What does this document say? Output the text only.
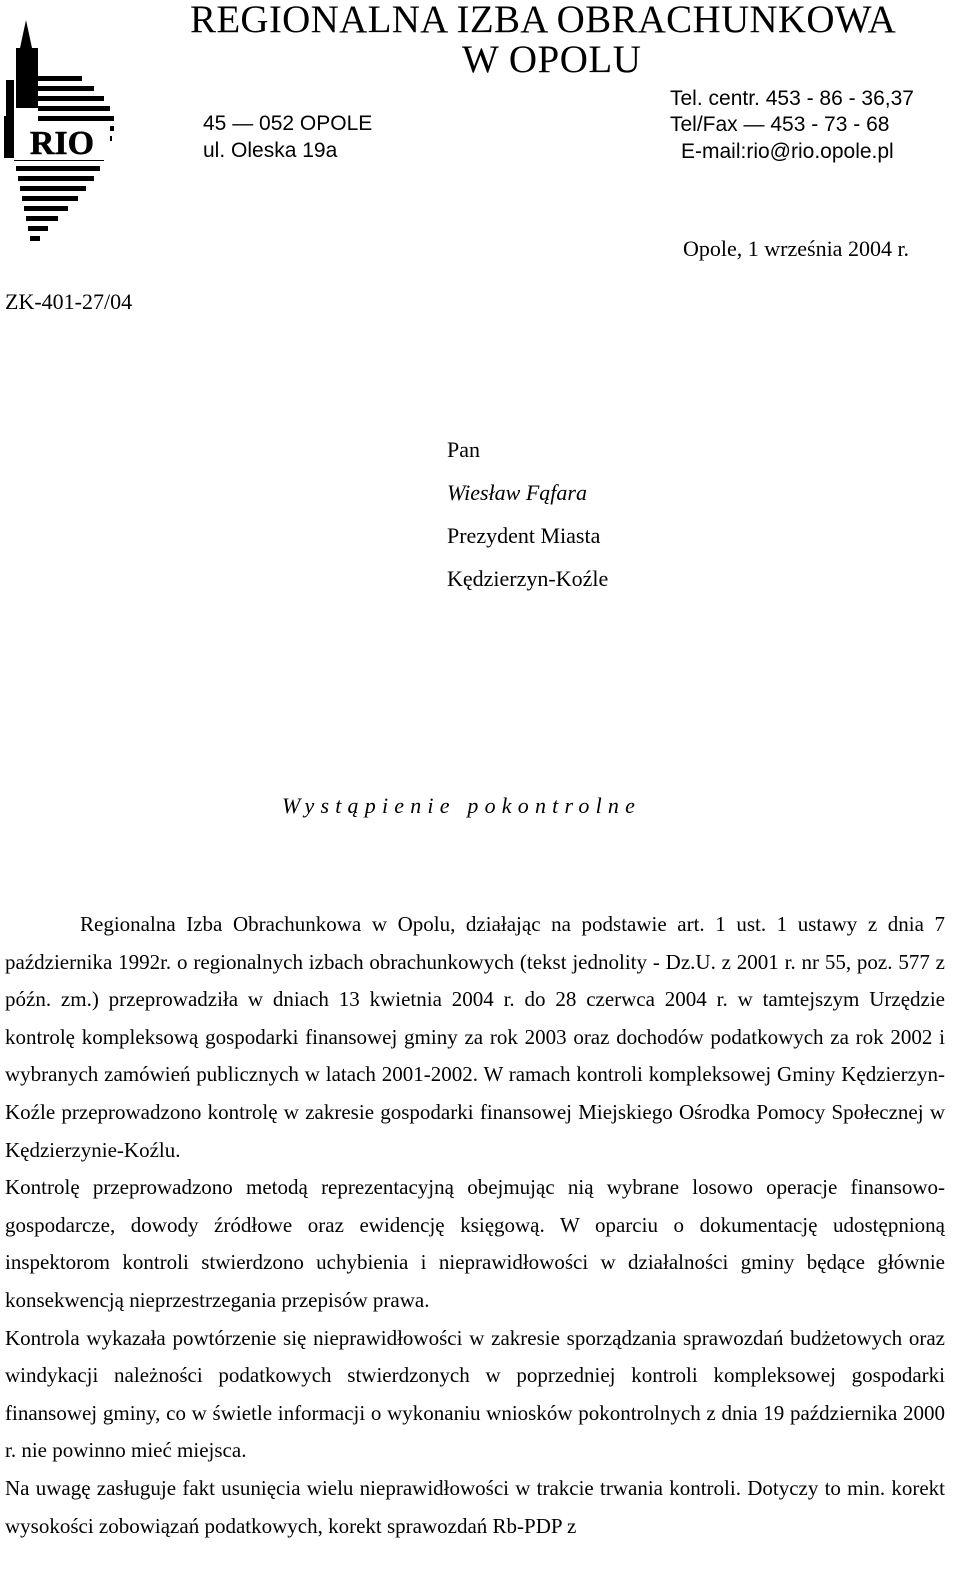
RIO
REGIONALNA IZBA OBRACHUNKOWA
W OPOLU
45 — 052 OPOLE
ul. Oleska 19a
Tel. centr. 453 - 86 - 36,37
Tel/Fax — 453 - 73 - 68
E-mail:rio@rio.opole.pl
Opole, 1 września 2004 r.
ZK-401-27/04
Pan
Wiesław Fąfara
Prezydent Miasta
Kędzierzyn-Koźle
Wystąpienie pokontrolne

Regionalna Izba Obrachunkowa w Opolu, działając na podstawie art. 1 ust. 1 ustawy z dnia 7 października 1992r. o regionalnych izbach obrachunkowych (tekst jednolity - Dz.U. z 2001 r. nr 55, poz. 577 z późn. zm.) przeprowadziła w dniach 13 kwietnia 2004 r. do 28 czerwca 2004 r. w tamtejszym Urzędzie kontrolę kompleksową gospodarki finansowej gminy za rok 2003 oraz dochodów podatkowych za rok 2002 i wybranych zamówień publicznych w latach 2001-2002. W ramach kontroli kompleksowej Gminy Kędzierzyn-Koźle przeprowadzono kontrolę w zakresie gospodarki finansowej Miejskiego Ośrodka Pomocy Społecznej w Kędzierzynie-Koźlu.

Kontrolę przeprowadzono metodą reprezentacyjną obejmując nią wybrane losowo operacje finansowo-gospodarcze, dowody źródłowe oraz ewidencję księgową. W oparciu o dokumentację udostępnioną inspektorom kontroli stwierdzono uchybienia i nieprawidłowości w działalności gminy będące głównie konsekwencją nieprzestrzegania przepisów prawa.

Kontrola wykazała powtórzenie się nieprawidłowości w zakresie sporządzania sprawozdań budżetowych oraz windykacji należności podatkowych stwierdzonych w poprzedniej kontroli kompleksowej gospodarki finansowej gminy, co w świetle informacji o wykonaniu wniosków pokontrolnych z dnia 19 października 2000 r. nie powinno mieć miejsca.

Na uwagę zasługuje fakt usunięcia wielu nieprawidłowości w trakcie trwania kontroli. Dotyczy to min. korekt wysokości zobowiązań podatkowych, korekt sprawozdań Rb-PDP z
